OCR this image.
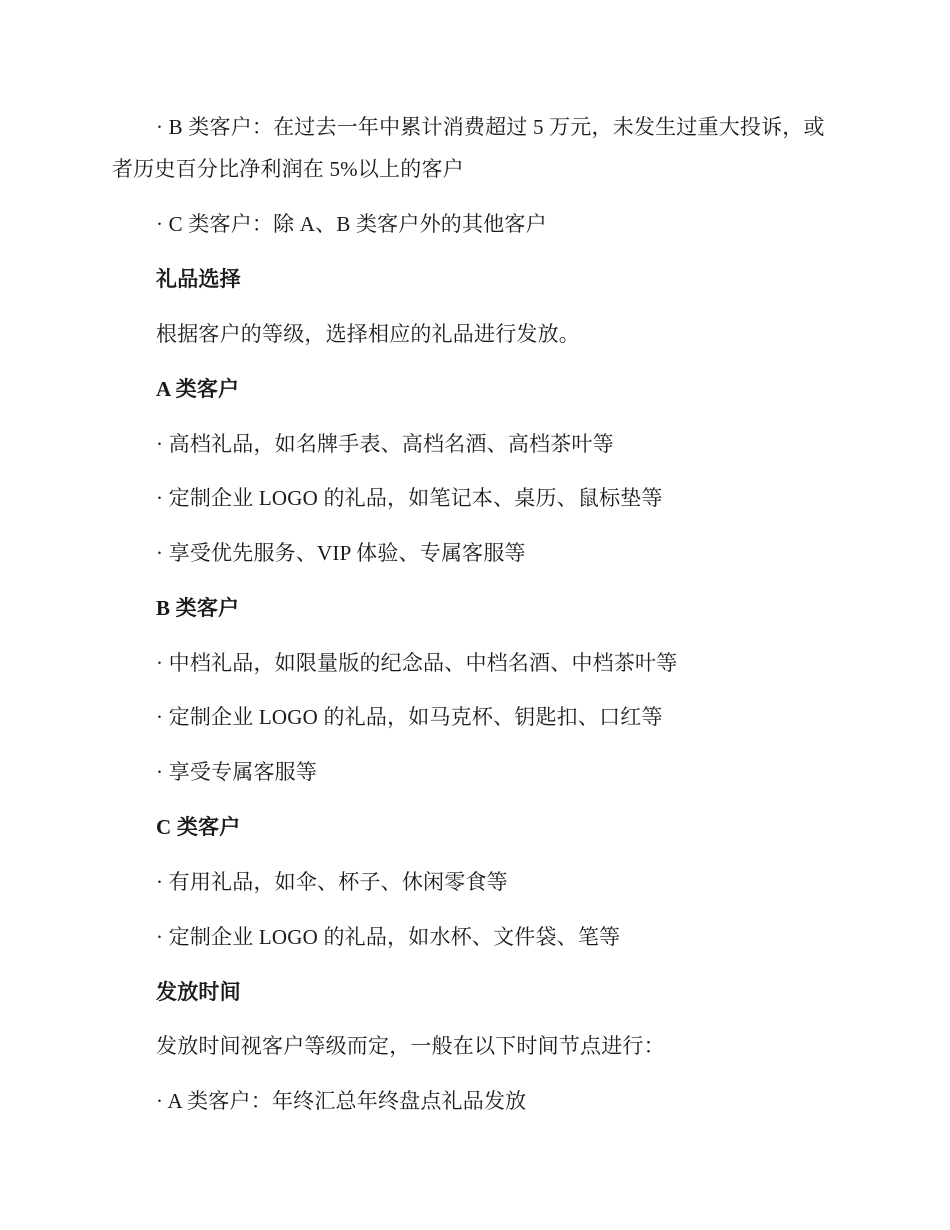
· B 类客户：在过去一年中累计消费超过 5 万元，未发生过重大投诉，或者历史百分比净利润在 5%以上的客户
· C 类客户：除 A、B 类客户外的其他客户
礼品选择
根据客户的等级，选择相应的礼品进行发放。
A 类客户
· 高档礼品，如名牌手表、高档名酒、高档茶叶等
· 定制企业 LOGO 的礼品，如笔记本、桌历、鼠标垫等
· 享受优先服务、VIP 体验、专属客服等
B 类客户
· 中档礼品，如限量版的纪念品、中档名酒、中档茶叶等
· 定制企业 LOGO 的礼品，如马克杯、钥匙扣、口红等
· 享受专属客服等
C 类客户
· 有用礼品，如伞、杯子、休闲零食等
· 定制企业 LOGO 的礼品，如水杯、文件袋、笔等
发放时间
发放时间视客户等级而定，一般在以下时间节点进行：
· A 类客户：年终汇总年终盘点礼品发放
